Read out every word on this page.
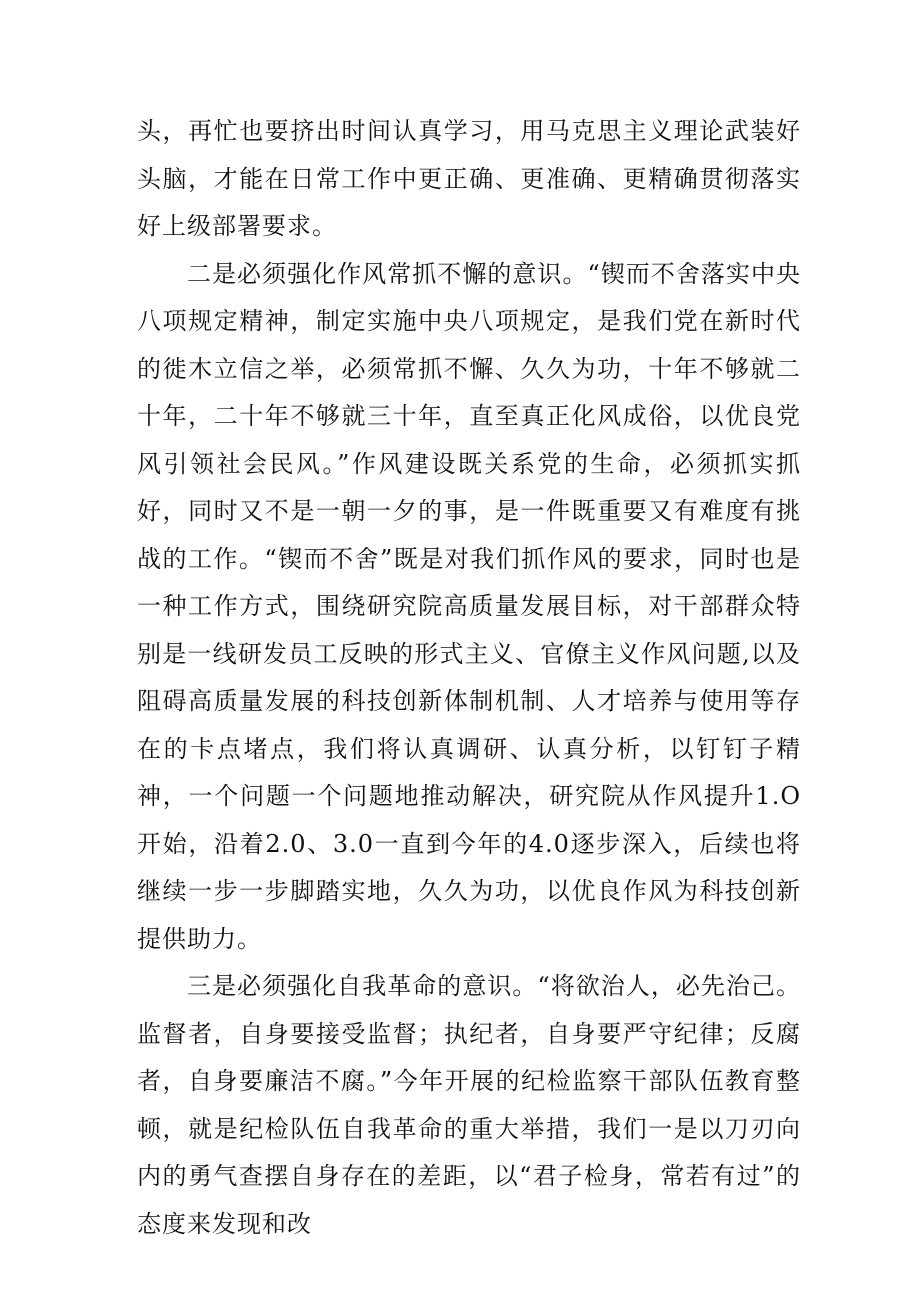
头，再忙也要挤出时间认真学习，用马克思主义理论武装好头脑，才能在日常工作中更正确、更准确、更精确贯彻落实好上级部署要求。

二是必须强化作风常抓不懈的意识。“锲而不舍落实中央八项规定精神，制定实施中央八项规定，是我们党在新时代的徙木立信之举，必须常抓不懈、久久为功，十年不够就二十年，二十年不够就三十年，直至真正化风成俗，以优良党风引领社会民风。”作风建设既关系党的生命，必须抓实抓好，同时又不是一朝一夕的事，是一件既重要又有难度有挑战的工作。“锲而不舍”既是对我们抓作风的要求，同时也是一种工作方式，围绕研究院高质量发展目标，对干部群众特别是一线研发员工反映的形式主义、官僚主义作风问题,以及阻碍高质量发展的科技创新体制机制、人才培养与使用等存在的卡点堵点，我们将认真调研、认真分析，以钉钉子精神，一个问题一个问题地推动解决，研究院从作风提升1.O开始，沿着2.0、3.0一直到今年的4.0逐步深入，后续也将继续一步一步脚踏实地，久久为功，以优良作风为科技创新提供助力。

三是必须强化自我革命的意识。“将欲治人，必先治己。监督者，自身要接受监督；执纪者，自身要严守纪律；反腐者，自身要廉洁不腐。”今年开展的纪检监察干部队伍教育整顿，就是纪检队伍自我革命的重大举措，我们一是以刀刃向内的勇气查摆自身存在的差距，以“君子检身，常若有过”的态度来发现和改
